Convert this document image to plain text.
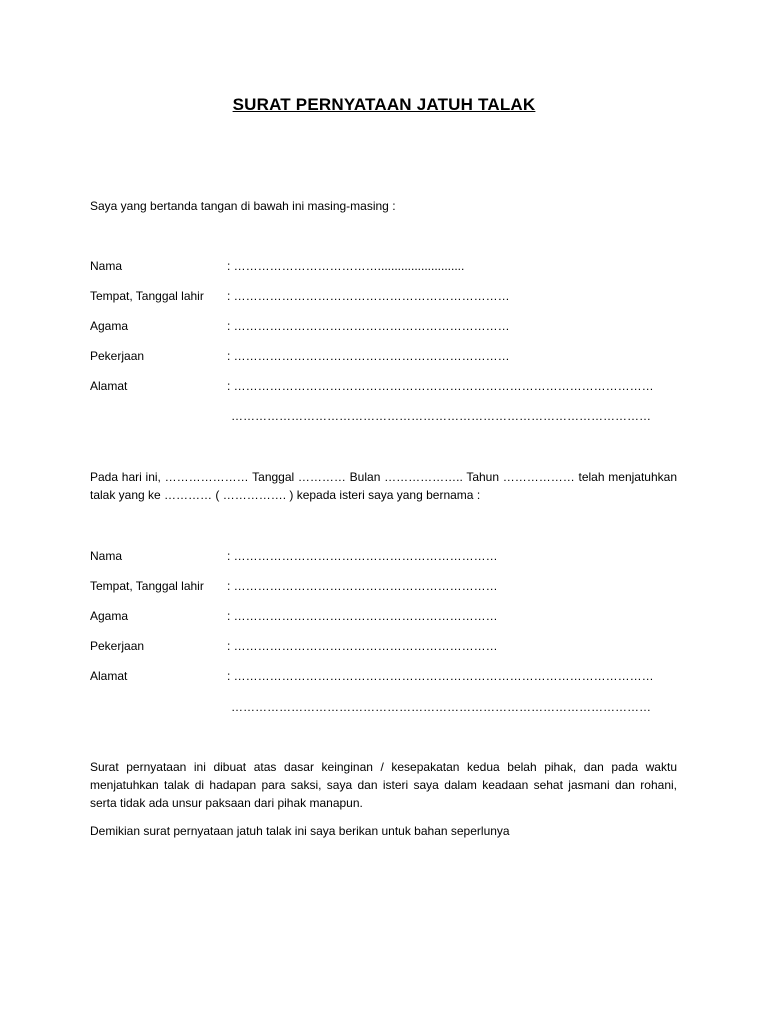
SURAT PERNYATAAN JATUH TALAK
Saya yang bertanda tangan di bawah ini masing-masing :
Nama	: ………………………………..........................
Tempat, Tanggal lahir : ……………………………………………………………
Agama	: ……………………………………………………………
Pekerjaan	: ……………………………………………………………
Alamat	: ……………………………………………………………………………………………
……………………………………………………………………………………………
Pada hari ini, ………………… Tanggal ………… Bulan ……………….. Tahun ……………… telah menjatuhkan talak yang ke ………… ( ……………. ) kepada isteri saya yang bernama :
Nama	: …………………………………………………………
Tempat, Tanggal lahir : …………………………………………………………
Agama	: …………………………………………………………
Pekerjaan	: …………………………………………………………
Alamat	: ……………………………………………………………………………………………
……………………………………………………………………………………………
Surat pernyataan ini dibuat atas dasar keinginan / kesepakatan kedua belah pihak, dan pada waktu menjatuhkan talak di hadapan para saksi, saya dan isteri saya dalam keadaan sehat jasmani dan rohani, serta tidak ada unsur paksaan dari pihak manapun.
Demikian surat pernyataan jatuh talak ini saya berikan untuk bahan seperlunya
